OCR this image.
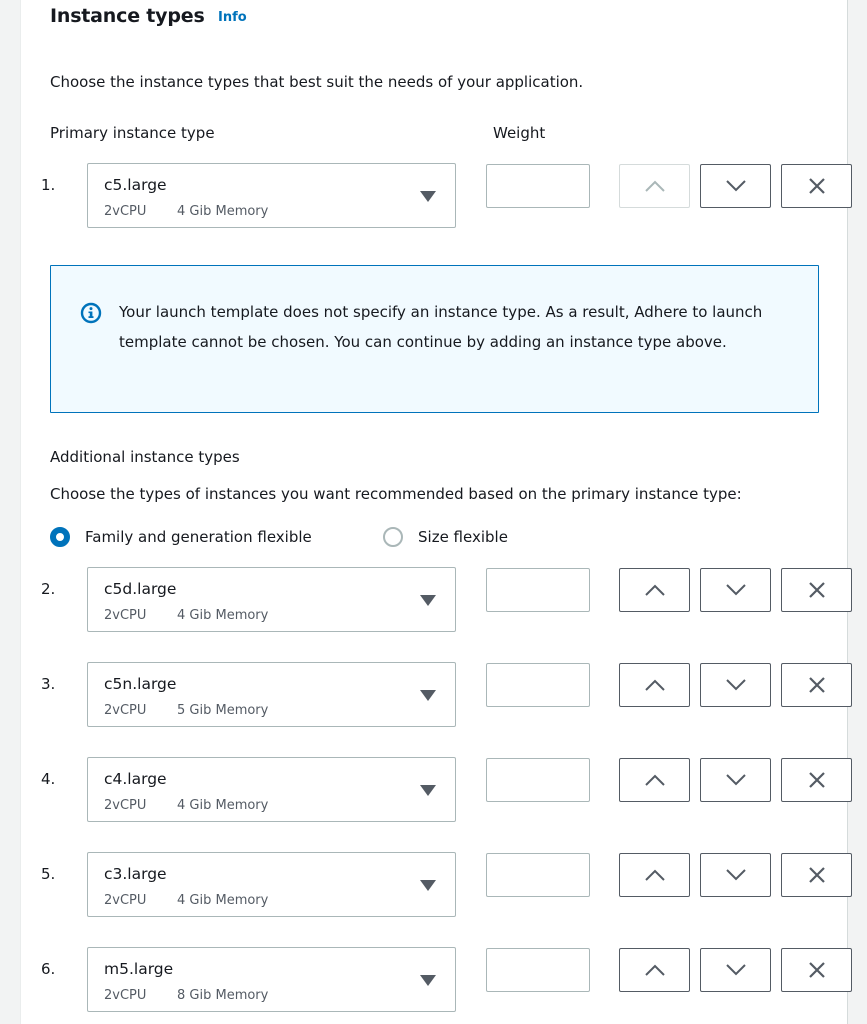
Instance types Info
Choose the instance types that best suit the needs of your application.
Primary instance type	Weight
1.	c5.large
2vCPU 4 Gib Memory
Your launch template does not specify an instance type. As a result, Adhere to launch template cannot be chosen. You can continue by adding an instance type above.
Additional instance types
Choose the types of instances you want recommended based on the primary instance type:
Family and generation flexible	Size flexible
2.	c5d.large
2vCPU 4 Gib Memory
3.	c5n.large
2vCPU 5 Gib Memory
4.	c4.large
2vCPU 4 Gib Memory
5.	c3.large
2vCPU 4 Gib Memory
6.	m5.large
2vCPU 8 Gib Memory
